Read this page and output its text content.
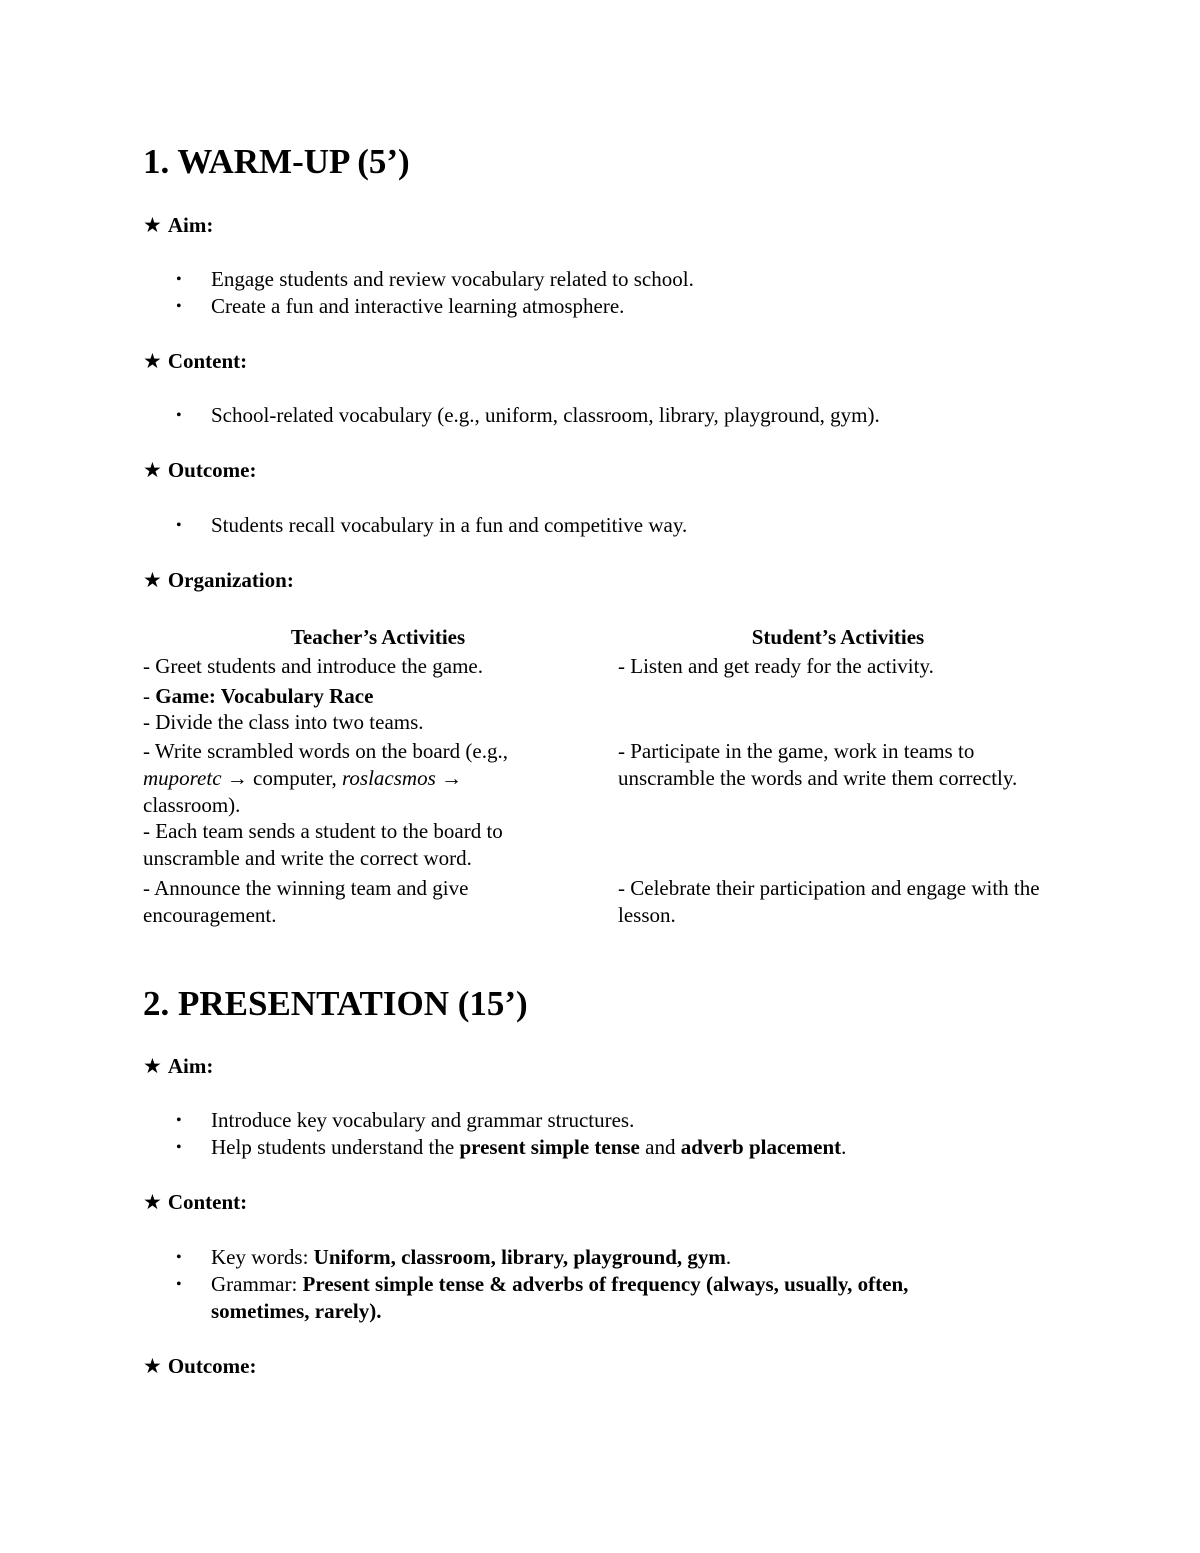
1. WARM-UP (5’)
★ Aim:
• Engage students and review vocabulary related to school.
• Create a fun and interactive learning atmosphere.
★ Content:
• School-related vocabulary (e.g., uniform, classroom, library, playground, gym).
★ Outcome:
• Students recall vocabulary in a fun and competitive way.
★ Organization:
Teacher’s Activities	Student’s Activities
- Greet students and introduce the game.	- Listen and get ready for the activity.
- Game: Vocabulary Race
- Divide the class into two teams.
- Write scrambled words on the board (e.g.,
muporetc → computer, roslacsmos →
classroom).
- Participate in the game, work in teams to unscramble the words and write them correctly.
- Each team sends a student to the board to unscramble and write the correct word.
- Announce the winning team and give encouragement.
- Celebrate their participation and engage with the lesson.
2. PRESENTATION (15’)
★ Aim:
• Introduce key vocabulary and grammar structures.
• Help students understand the present simple tense and adverb placement.
★ Content:
• Key words: Uniform, classroom, library, playground, gym.
• Grammar: Present simple tense & adverbs of frequency (always, usually, often, sometimes, rarely).
★ Outcome:
